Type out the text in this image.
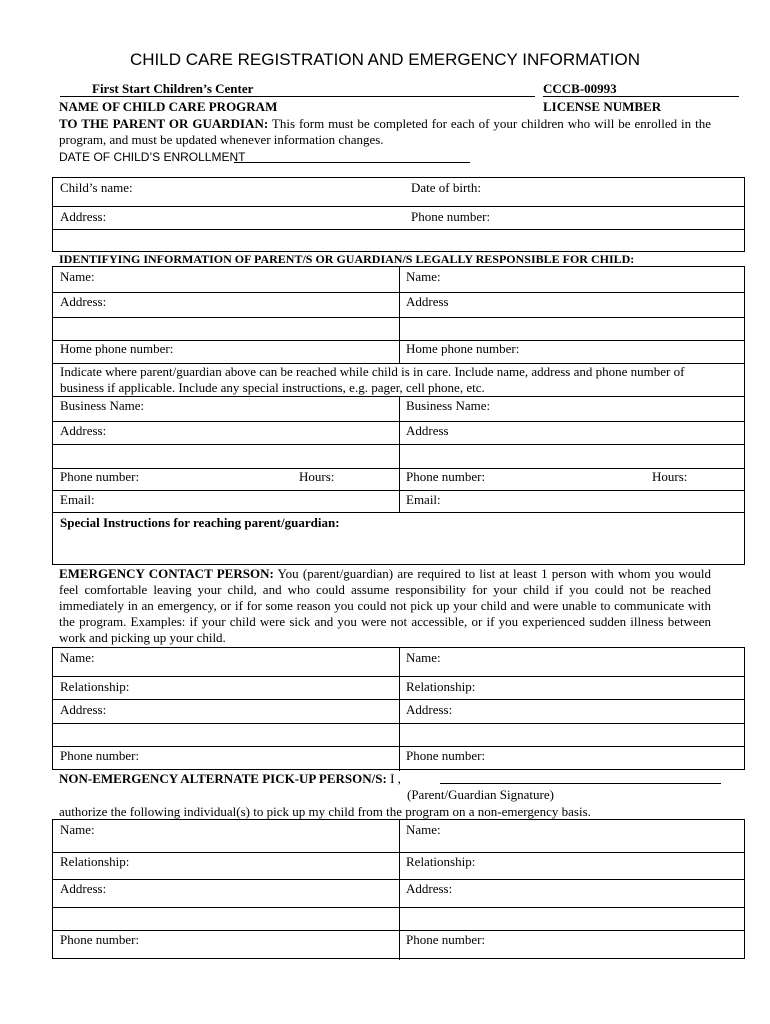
CHILD CARE REGISTRATION AND EMERGENCY INFORMATION
First Start Children’s Center	CCCB-00993
NAME OF CHILD CARE PROGRAM	LICENSE NUMBER
TO THE PARENT OR GUARDIAN: This form must be completed for each of your children who will be enrolled in the program, and must be updated whenever information changes.
DATE OF CHILD’S ENROLLMENT
Child’s name:	Date of birth:
Address:	Phone number:
IDENTIFYING INFORMATION OF PARENT/S OR GUARDIAN/S LEGALLY RESPONSIBLE FOR CHILD:
Name:	Name:
Address:	Address
Home phone number:	Home phone number:
Indicate where parent/guardian above can be reached while child is in care. Include name, address and phone number of business if applicable. Include any special instructions, e.g. pager, cell phone, etc.
Business Name:	Business Name:
Address:	Address
Phone number:	Hours:	Phone number:	Hours:
Email:	Email:
Special Instructions for reaching parent/guardian:
EMERGENCY CONTACT PERSON: You (parent/guardian) are required to list at least 1 person with whom you would feel comfortable leaving your child, and who could assume responsibility for your child if you could not be reached immediately in an emergency, or if for some reason you could not pick up your child and were unable to communicate with the program. Examples: if your child were sick and you were not accessible, or if you experienced sudden illness between work and picking up your child.
Name:	Name:
Relationship:	Relationship:
Address:	Address:
Phone number:	Phone number:
NON-EMERGENCY ALTERNATE PICK-UP PERSON/S: I ,
(Parent/Guardian Signature)
authorize the following individual(s) to pick up my child from the program on a non-emergency basis.
Name:	Name:
Relationship:	Relationship:
Address:	Address:
Phone number:	Phone number:
